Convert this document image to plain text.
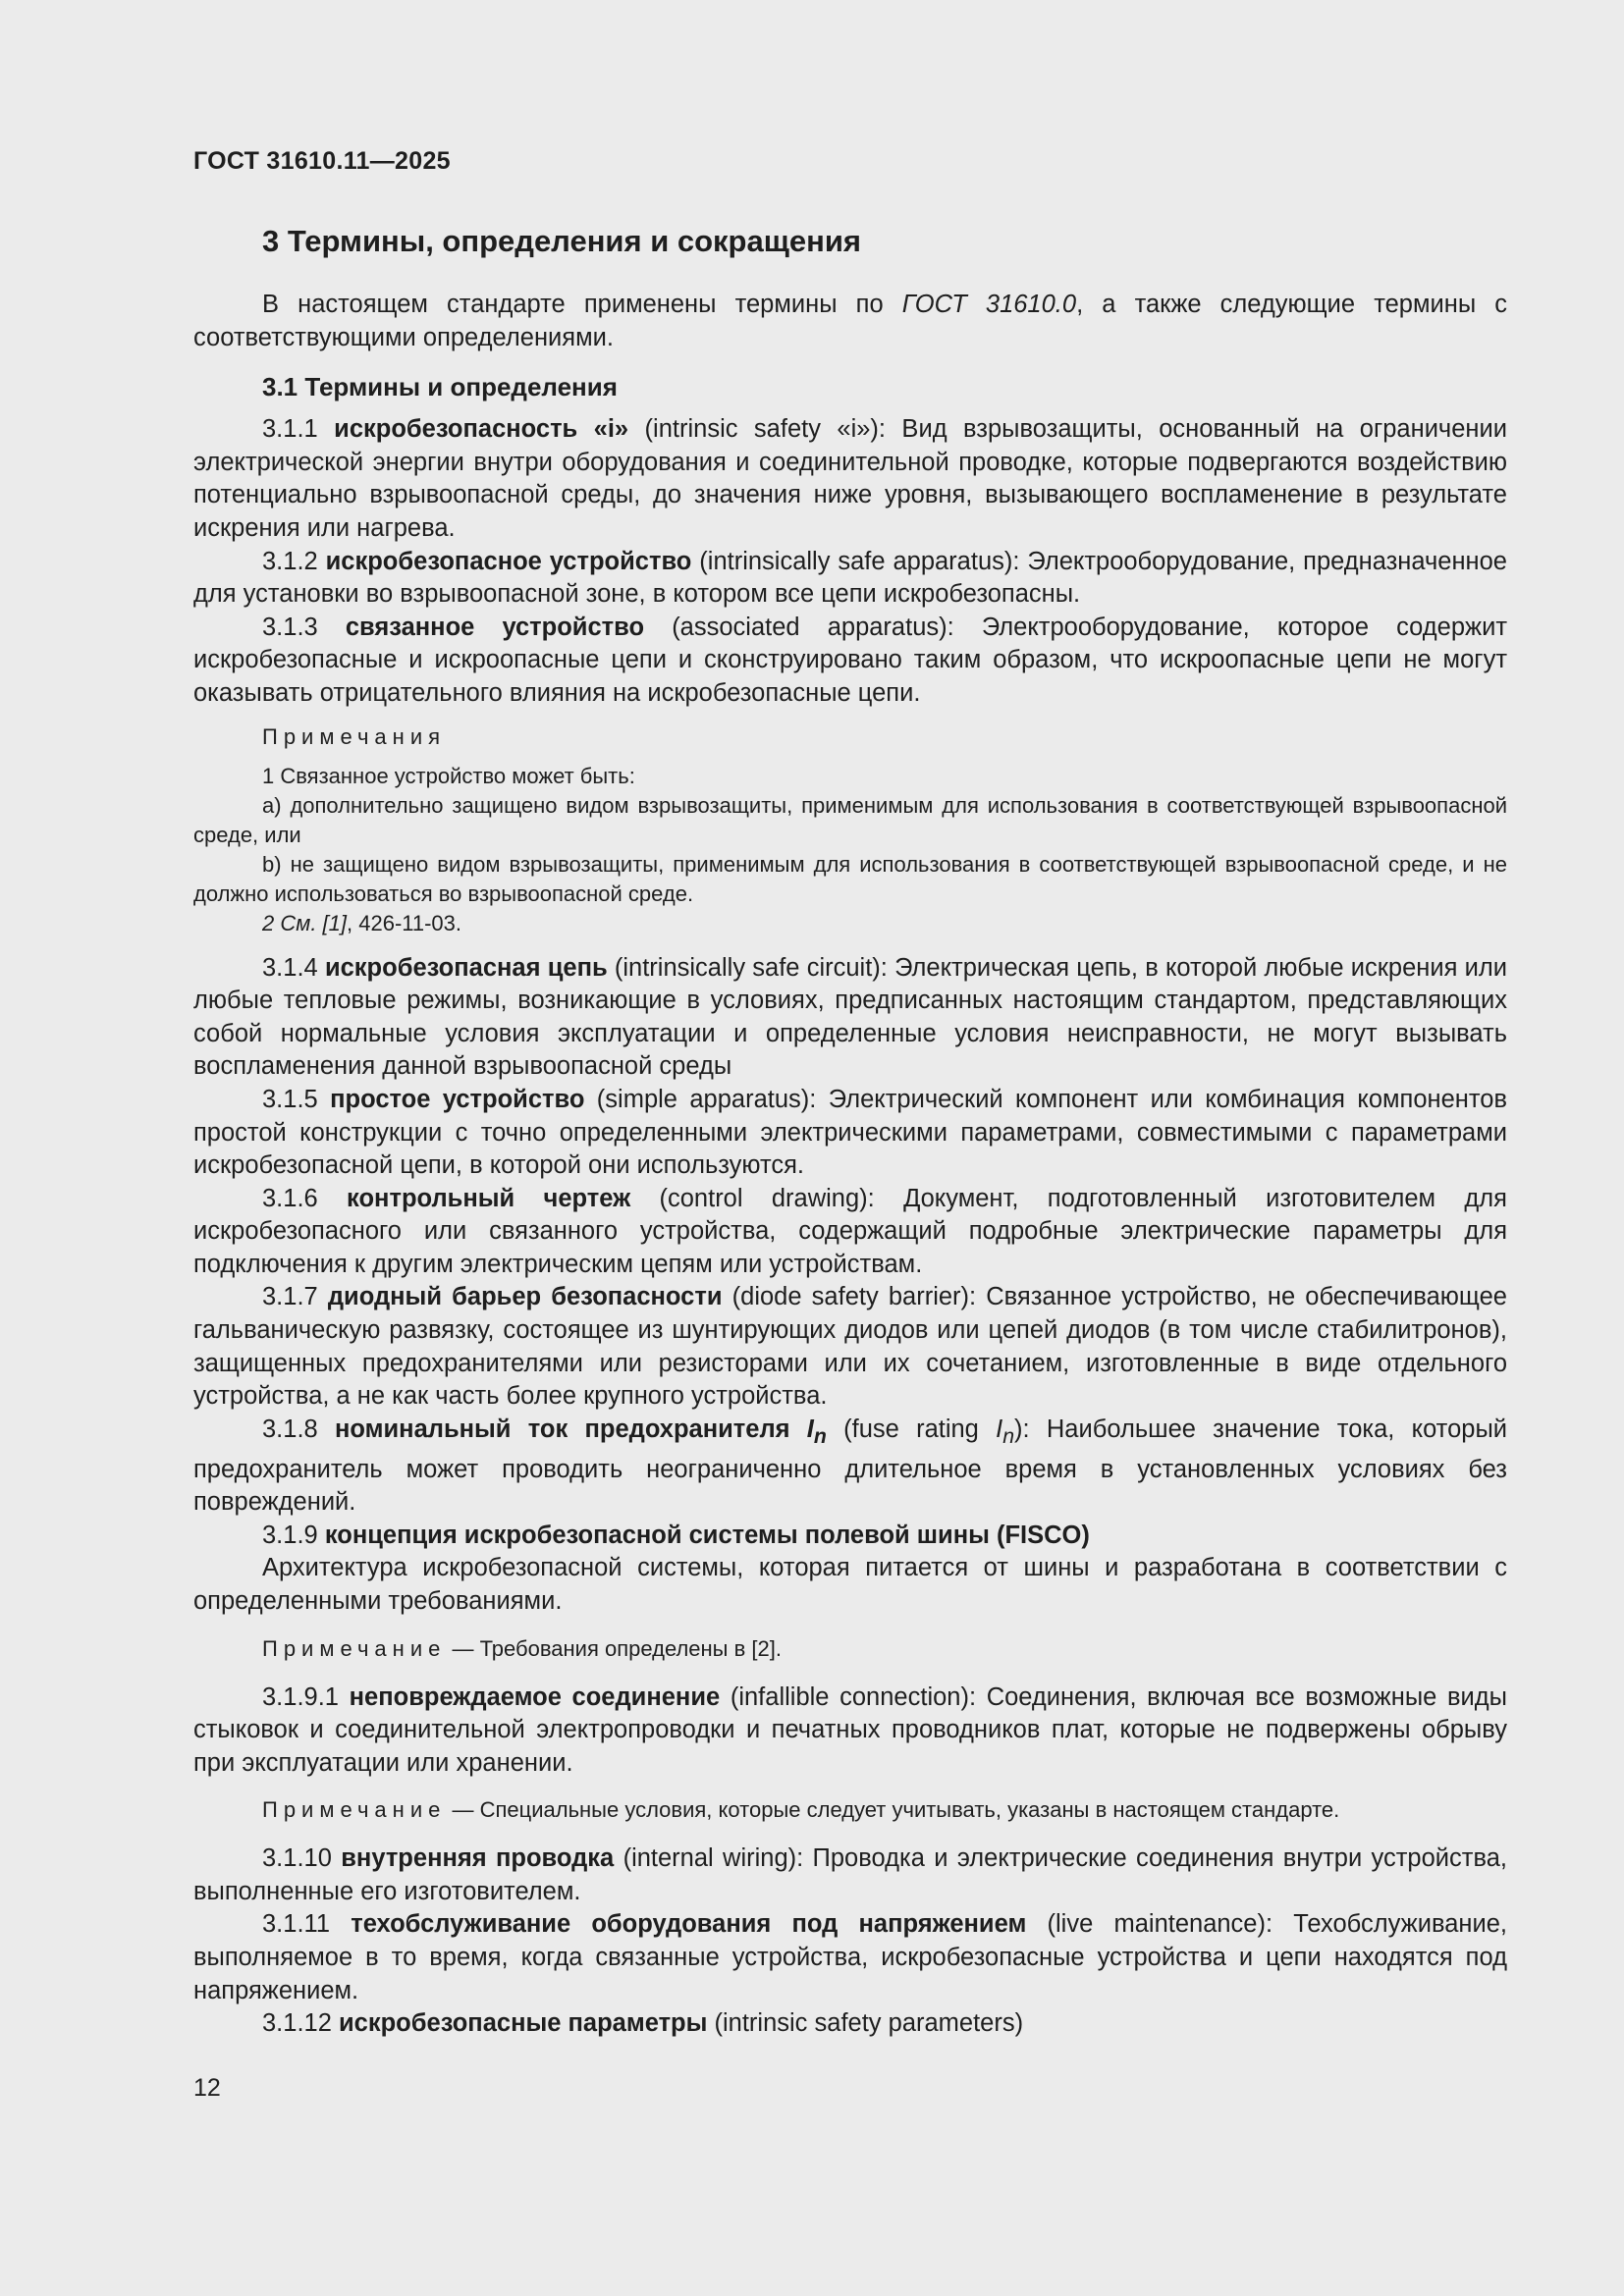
ГОСТ 31610.11—2025
3 Термины, определения и сокращения

В настоящем стандарте применены термины по ГОСТ 31610.0, а также следующие термины с соответствующими определениями.

3.1 Термины и определения

3.1.1 искробезопасность «i» (intrinsic safety «i»): Вид взрывозащиты, основанный на ограничении электрической энергии внутри оборудования и соединительной проводке, которые подвергаются воздействию потенциально взрывоопасной среды, до значения ниже уровня, вызывающего воспламенение в результате искрения или нагрева.

3.1.2 искробезопасное устройство (intrinsically safe apparatus): Электрооборудование, предназначенное для установки во взрывоопасной зоне, в котором все цепи искробезопасны.

3.1.3 связанное устройство (associated apparatus): Электрооборудование, которое содержит искробезопасные и искроопасные цепи и сконструировано таким образом, что искроопасные цепи не могут оказывать отрицательного влияния на искробезопасные цепи.

Примечания
1 Связанное устройство может быть:
a) дополнительно защищено видом взрывозащиты, применимым для использования в соответствующей взрывоопасной среде, или
b) не защищено видом взрывозащиты, применимым для использования в соответствующей взрывоопасной среде, и не должно использоваться во взрывоопасной среде.
2 См. [1], 426-11-03.

3.1.4 искробезопасная цепь (intrinsically safe circuit): Электрическая цепь, в которой любые искрения или любые тепловые режимы, возникающие в условиях, предписанных настоящим стандартом, представляющих собой нормальные условия эксплуатации и определенные условия неисправности, не могут вызывать воспламенения данной взрывоопасной среды

3.1.5 простое устройство (simple apparatus): Электрический компонент или комбинация компонентов простой конструкции с точно определенными электрическими параметрами, совместимыми с параметрами искробезопасной цепи, в которой они используются.

3.1.6 контрольный чертеж (control drawing): Документ, подготовленный изготовителем для искробезопасного или связанного устройства, содержащий подробные электрические параметры для подключения к другим электрическим цепям или устройствам.

3.1.7 диодный барьер безопасности (diode safety barrier): Связанное устройство, не обеспечивающее гальваническую развязку, состоящее из шунтирующих диодов или цепей диодов (в том числе стабилитронов), защищенных предохранителями или резисторами или их сочетанием, изготовленные в виде отдельного устройства, а не как часть более крупного устройства.

3.1.8 номинальный ток предохранителя $I_n$ (fuse rating $I_n$): Наибольшее значение тока, который предохранитель может проводить неограниченно длительное время в установленных условиях без повреждений.

3.1.9 концепция искробезопасной системы полевой шины (FISCO)

Архитектура искробезопасной системы, которая питается от шины и разработана в соответствии с определенными требованиями.

Примечание — Требования определены в [2].

3.1.9.1 неповреждаемое соединение (infallible connection): Соединения, включая все возможные виды стыковок и соединительной электропроводки и печатных проводников плат, которые не подвержены обрыву при эксплуатации или хранении.

Примечание — Специальные условия, которые следует учитывать, указаны в настоящем стандарте.

3.1.10 внутренняя проводка (internal wiring): Проводка и электрические соединения внутри устройства, выполненные его изготовителем.

3.1.11 техобслуживание оборудования под напряжением (live maintenance): Техобслуживание, выполняемое в то время, когда связанные устройства, искробезопасные устройства и цепи находятся под напряжением.

3.1.12 искробезопасные параметры (intrinsic safety parameters)

12
